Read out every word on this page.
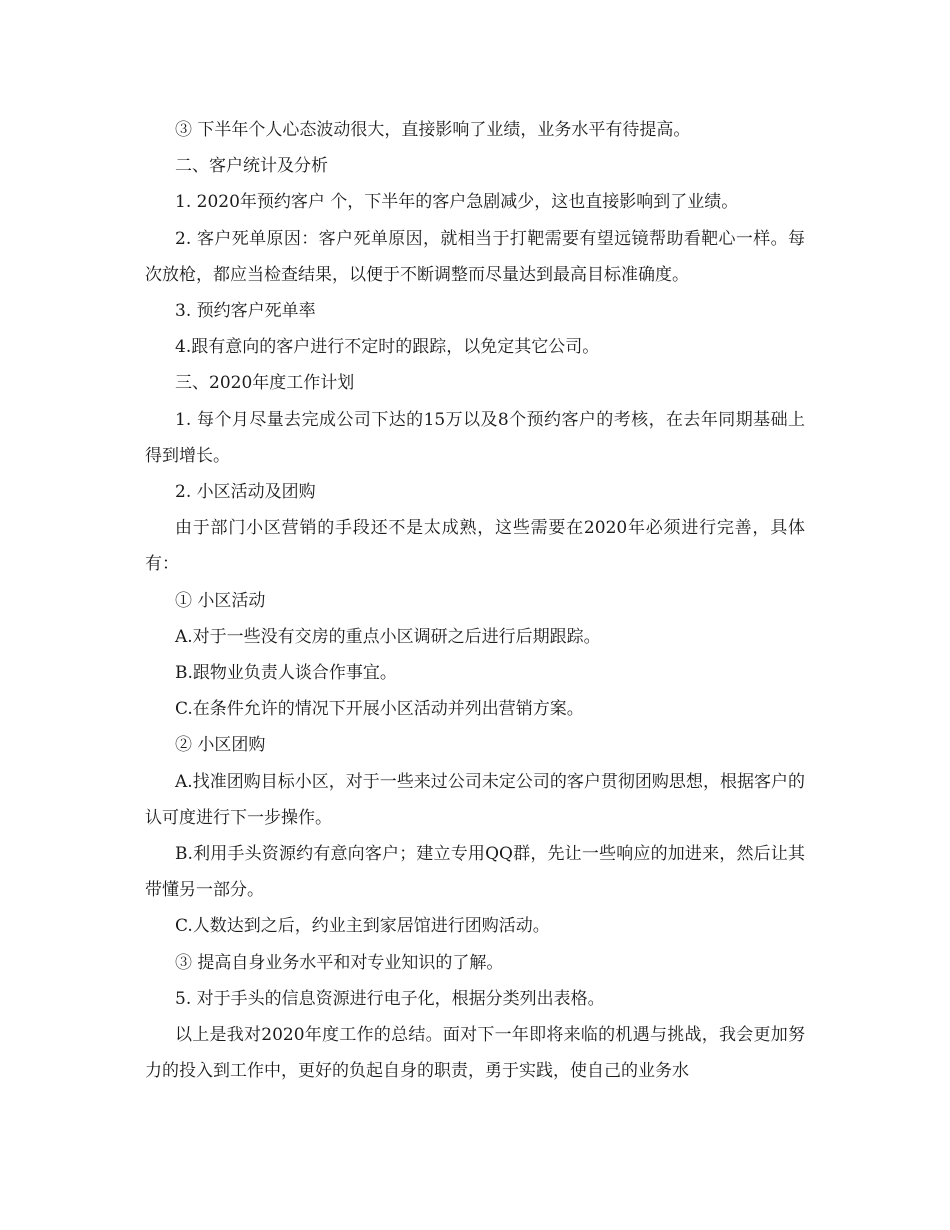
③ 下半年个人心态波动很大，直接影响了业绩，业务水平有待提高。

二、客户统计及分析

1. 2020年预约客户 个，下半年的客户急剧减少，这也直接影响到了业绩。

2. 客户死单原因：客户死单原因，就相当于打靶需要有望远镜帮助看靶心一样。每次放枪，都应当检查结果，以便于不断调整而尽量达到最高目标准确度。

3. 预约客户死单率

4.跟有意向的客户进行不定时的跟踪，以免定其它公司。

三、2020年度工作计划

1. 每个月尽量去完成公司下达的15万以及8个预约客户的考核，在去年同期基础上得到增长。

2. 小区活动及团购

由于部门小区营销的手段还不是太成熟，这些需要在2020年必须进行完善，具体有：

① 小区活动

A.对于一些没有交房的重点小区调研之后进行后期跟踪。

B.跟物业负责人谈合作事宜。

C.在条件允许的情况下开展小区活动并列出营销方案。

② 小区团购

A.找准团购目标小区，对于一些来过公司未定公司的客户贯彻团购思想，根据客户的认可度进行下一步操作。

B.利用手头资源约有意向客户；建立专用QQ群，先让一些响应的加进来，然后让其带懂另一部分。

C.人数达到之后，约业主到家居馆进行团购活动。

③ 提高自身业务水平和对专业知识的了解。

5. 对于手头的信息资源进行电子化，根据分类列出表格。

以上是我对2020年度工作的总结。面对下一年即将来临的机遇与挑战，我会更加努力的投入到工作中，更好的负起自身的职责，勇于实践，使自己的业务水
